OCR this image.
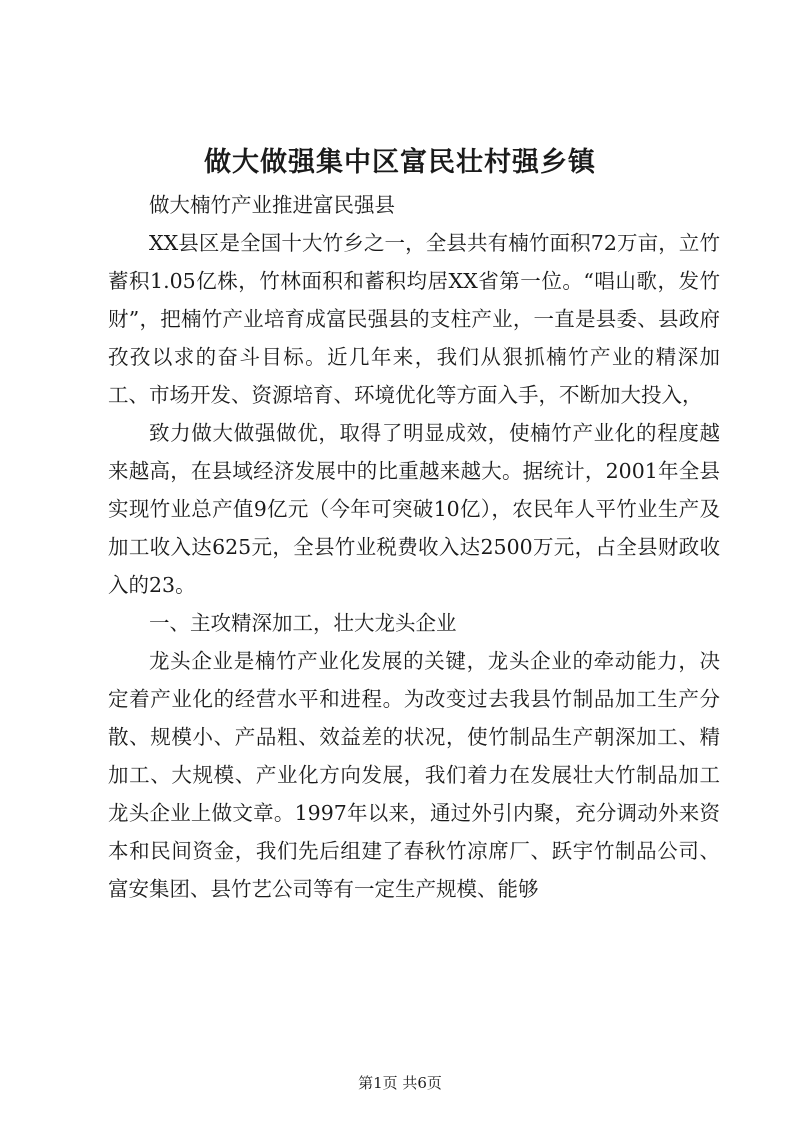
做大做强集中区富民壮村强乡镇

做大楠竹产业推进富民强县

XX县区是全国十大竹乡之一，全县共有楠竹面积72万亩，立竹蓄积1.05亿株，竹林面积和蓄积均居XX省第一位。“唱山歌，发竹财”，把楠竹产业培育成富民强县的支柱产业，一直是县委、县政府孜孜以求的奋斗目标。近几年来，我们从狠抓楠竹产业的精深加工、市场开发、资源培育、环境优化等方面入手，不断加大投入，

致力做大做强做优，取得了明显成效，使楠竹产业化的程度越来越高，在县域经济发展中的比重越来越大。据统计，2001年全县实现竹业总产值9亿元（今年可突破10亿），农民年人平竹业生产及加工收入达625元，全县竹业税费收入达2500万元，占全县财政收入的23。

一、主攻精深加工，壮大龙头企业

龙头企业是楠竹产业化发展的关键，龙头企业的牵动能力，决定着产业化的经营水平和进程。为改变过去我县竹制品加工生产分散、规模小、产品粗、效益差的状况，使竹制品生产朝深加工、精加工、大规模、产业化方向发展，我们着力在发展壮大竹制品加工龙头企业上做文章。1997年以来，通过外引内聚，充分调动外来资本和民间资金，我们先后组建了春秋竹凉席厂、跃宇竹制品公司、富安集团、县竹艺公司等有一定生产规模、能够

第1页 共6页
